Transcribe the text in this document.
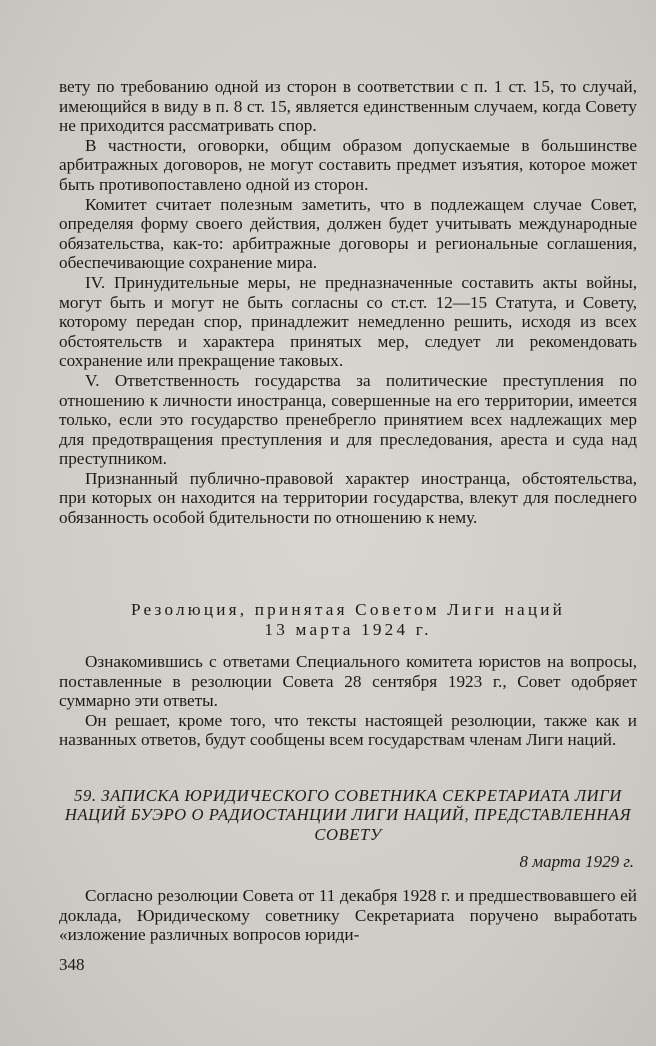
вету по требованию одной из сторон в соответствии с п. 1 ст. 15, то случай, имеющийся в виду в п. 8 ст. 15, является единственным случаем, когда Совету не приходится рассматривать спор.

В частности, оговорки, общим образом допускаемые в большинстве арбитражных договоров, не могут составить предмет изъятия, которое может быть противопоставлено одной из сторон.

Комитет считает полезным заметить, что в подлежащем случае Совет, определяя форму своего действия, должен будет учитывать международные обязательства, как-то: арбитражные договоры и региональные соглашения, обеспечивающие сохранение мира.

IV. Принудительные меры, не предназначенные составить акты войны, могут быть и могут не быть согласны со ст.ст. 12—15 Статута, и Совету, которому передан спор, принадлежит немедленно решить, исходя из всех обстоятельств и характера принятых мер, следует ли рекомендовать сохранение или прекращение таковых.

V. Ответственность государства за политические преступления по отношению к личности иностранца, совершенные на его территории, имеется только, если это государство пренебрегло принятием всех надлежащих мер для предотвращения преступления и для преследования, ареста и суда над преступником.

Признанный публично-правовой характер иностранца, обстоятельства, при которых он находится на территории государства, влекут для последнего обязанность особой бдительности по отношению к нему.

Резолюция, принятая Советом Лиги наций
13 марта 1924 г.

Ознакомившись с ответами Специального комитета юристов на вопросы, поставленные в резолюции Совета 28 сентября 1923 г., Совет одобряет суммарно эти ответы.

Он решает, кроме того, что тексты настоящей резолюции, также как и названных ответов, будут сообщены всем государствам членам Лиги наций.

59. ЗАПИСКА ЮРИДИЧЕСКОГО СОВЕТНИКА СЕКРЕТАРИАТА ЛИГИ НАЦИЙ БУЭРО О РАДИОСТАНЦИИ ЛИГИ НАЦИЙ, ПРЕДСТАВЛЕННАЯ СОВЕТУ
8 марта 1929 г.

Согласно резолюции Совета от 11 декабря 1928 г. и предшествовавшего ей доклада, Юридическому советнику Секретариата поручено выработать «изложение различных вопросов юриди-

348
